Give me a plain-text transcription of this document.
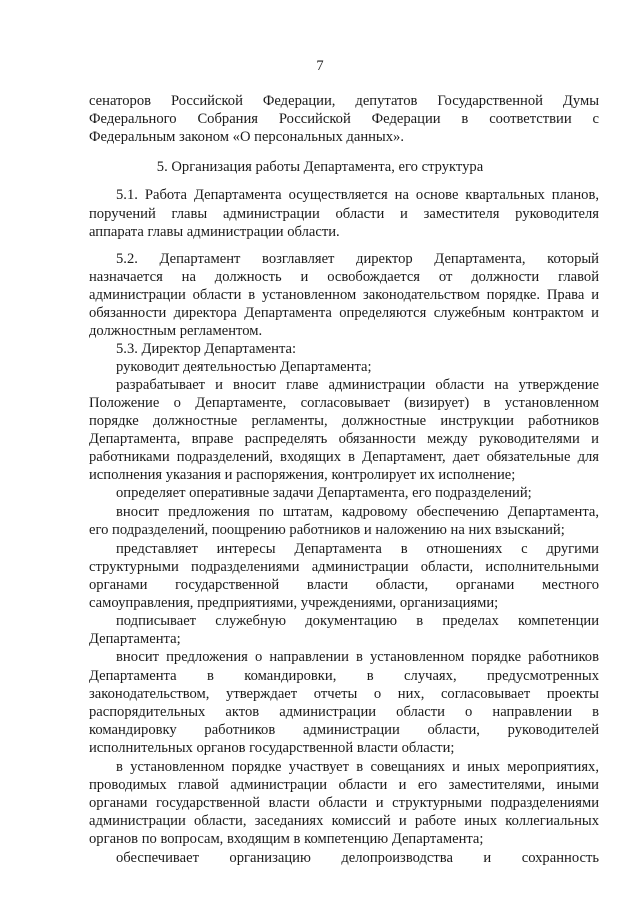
7
сенаторов Российской Федерации, депутатов Государственной Думы
Федерального Собрания Российской Федерации в соответствии с
Федеральным законом «О персональных данных».
5. Организация работы Департамента, его структура
5.1. Работа Департамента осуществляется на основе квартальных планов,
поручений главы администрации области и заместителя руководителя
аппарата главы администрации области.
5.2. Департамент возглавляет директор Департамента, который
назначается на должность и освобождается от должности главой
администрации области в установленном законодательством порядке. Права и
обязанности директора Департамента определяются служебным контрактом и
должностным регламентом.
5.3. Директор Департамента:
руководит деятельностью Департамента;
разрабатывает и вносит главе администрации области на утверждение
Положение о Департаменте, согласовывает (визирует) в установленном
порядке должностные регламенты, должностные инструкции работников
Департамента, вправе распределять обязанности между руководителями и
работниками подразделений, входящих в Департамент, дает обязательные для
исполнения указания и распоряжения, контролирует их исполнение;
определяет оперативные задачи Департамента, его подразделений;
вносит предложения по штатам, кадровому обеспечению Департамента,
его подразделений, поощрению работников и наложению на них взысканий;
представляет интересы Департамента в отношениях с другими
структурными подразделениями администрации области, исполнительными
органами государственной власти области, органами местного
самоуправления, предприятиями, учреждениями, организациями;
подписывает служебную документацию в пределах компетенции
Департамента;
вносит предложения о направлении в установленном порядке работников
Департамента в командировки, в случаях, предусмотренных
законодательством, утверждает отчеты о них, согласовывает проекты
распорядительных актов администрации области о направлении в
командировку работников администрации области, руководителей
исполнительных органов государственной власти области;
в установленном порядке участвует в совещаниях и иных мероприятиях,
проводимых главой администрации области и его заместителями, иными
органами государственной власти области и структурными подразделениями
администрации области, заседаниях комиссий и работе иных коллегиальных
органов по вопросам, входящим в компетенцию Департамента;
обеспечивает организацию делопроизводства и сохранность
